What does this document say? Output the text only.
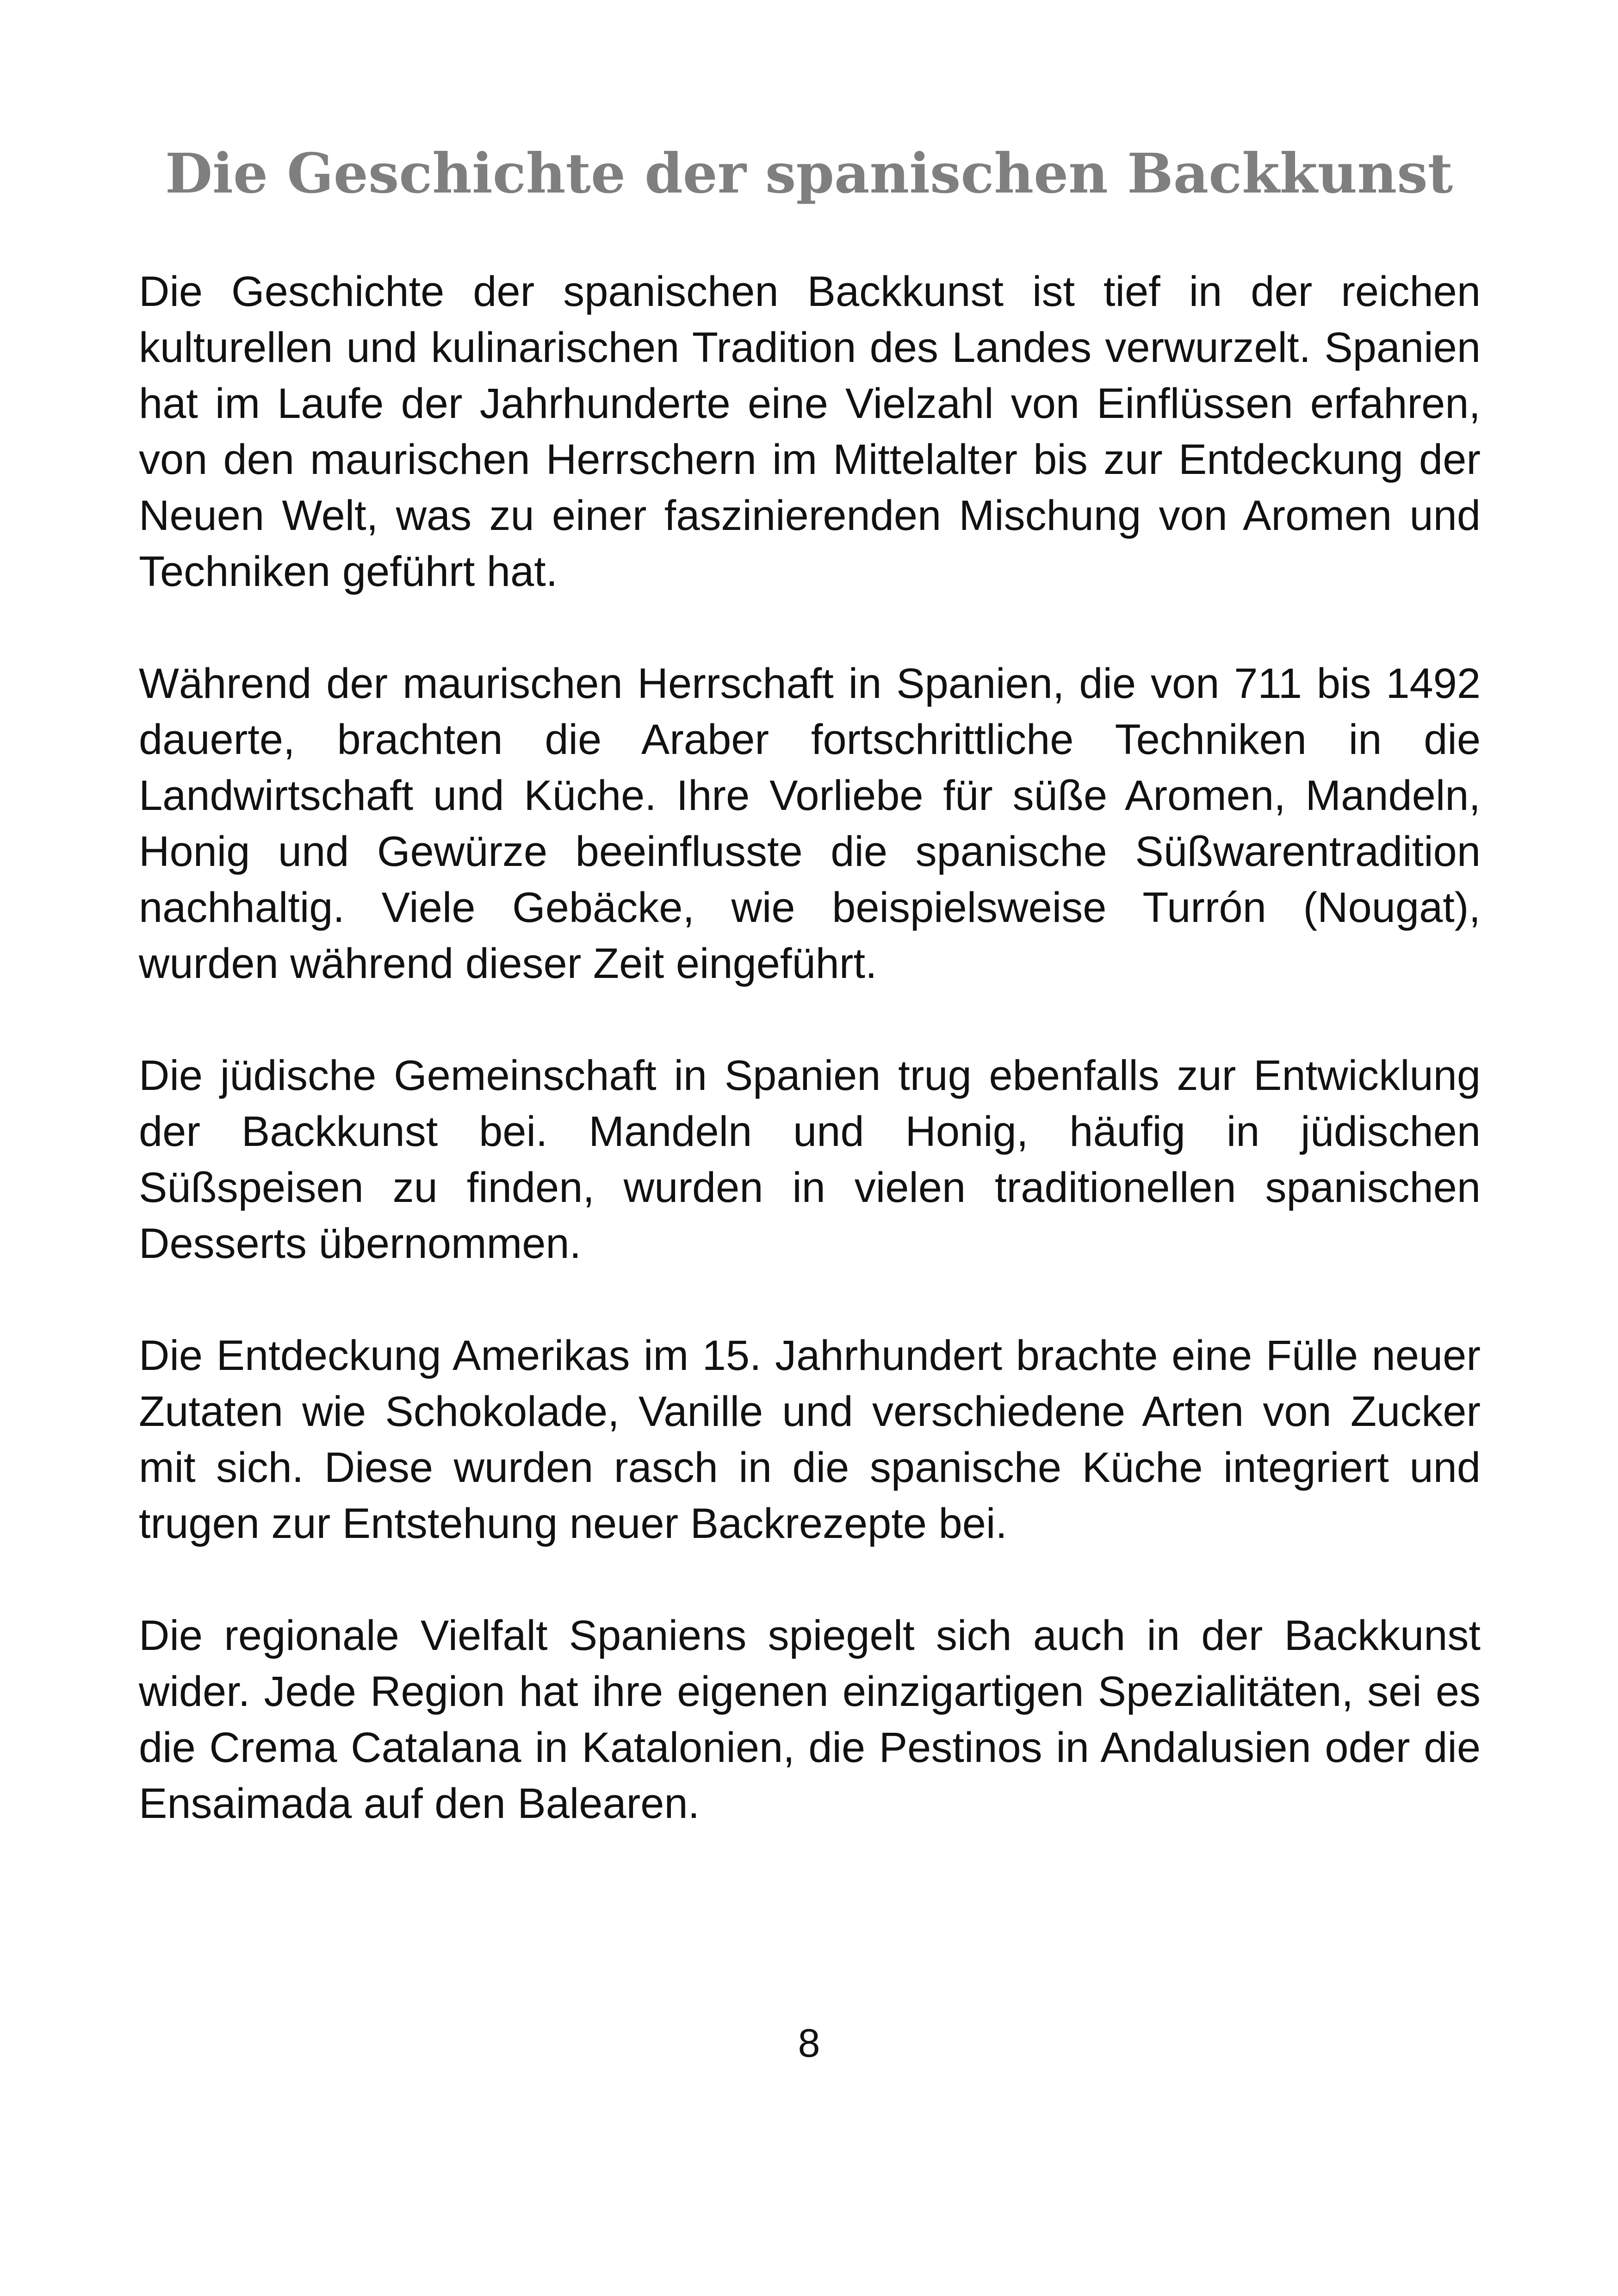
Die Geschichte der spanischen Backkunst

Die Geschichte der spanischen Backkunst ist tief in der reichen kulturellen und kulinarischen Tradition des Landes verwurzelt. Spanien hat im Laufe der Jahrhunderte eine Vielzahl von Einflüssen erfahren, von den maurischen Herrschern im Mittelalter bis zur Entdeckung der Neuen Welt, was zu einer faszinierenden Mischung von Aromen und Techniken geführt hat.

Während der maurischen Herrschaft in Spanien, die von 711 bis 1492 dauerte, brachten die Araber fortschrittliche Techniken in die Landwirtschaft und Küche. Ihre Vorliebe für süße Aromen, Mandeln, Honig und Gewürze beeinflusste die spanische Süßwarentradition nachhaltig. Viele Gebäcke, wie beispielsweise Turrón (Nougat), wurden während dieser Zeit eingeführt.

Die jüdische Gemeinschaft in Spanien trug ebenfalls zur Entwicklung der Backkunst bei. Mandeln und Honig, häufig in jüdischen Süßspeisen zu finden, wurden in vielen traditionellen spanischen Desserts übernommen.

Die Entdeckung Amerikas im 15. Jahrhundert brachte eine Fülle neuer Zutaten wie Schokolade, Vanille und verschiedene Arten von Zucker mit sich. Diese wurden rasch in die spanische Küche integriert und trugen zur Entstehung neuer Backrezepte bei.

Die regionale Vielfalt Spaniens spiegelt sich auch in der Backkunst wider. Jede Region hat ihre eigenen einzigartigen Spezialitäten, sei es die Crema Catalana in Katalonien, die Pestinos in Andalusien oder die Ensaimada auf den Balearen.

8
